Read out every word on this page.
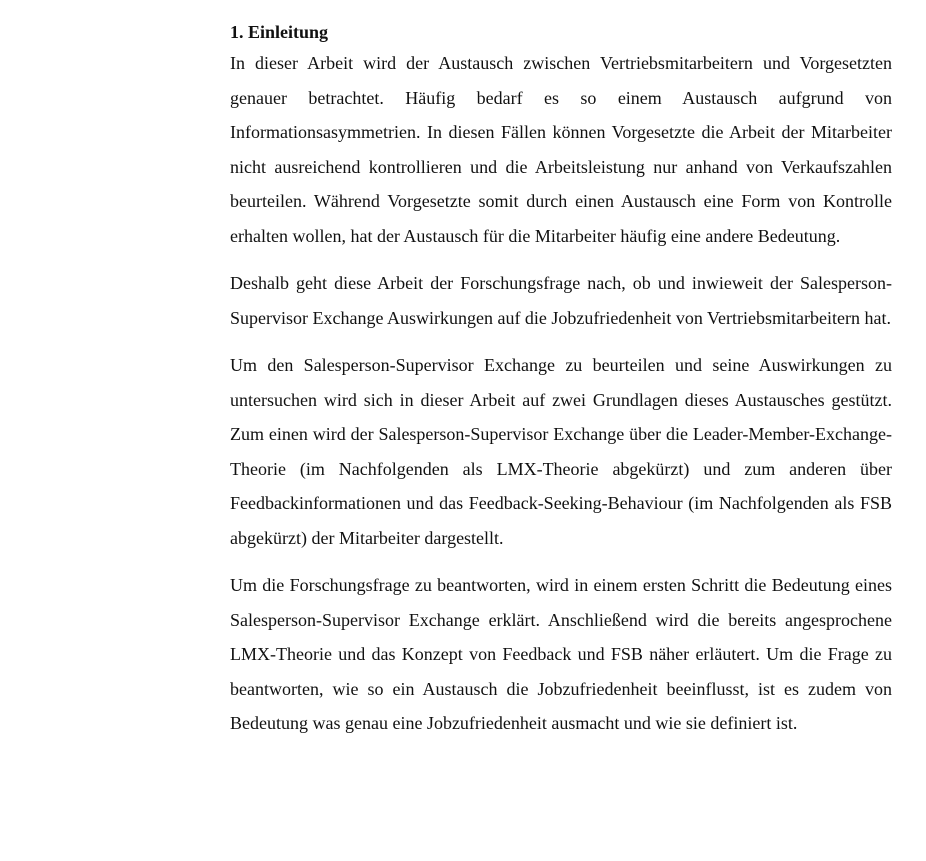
1. Einleitung

In dieser Arbeit wird der Austausch zwischen Vertriebsmitarbeitern und Vorgesetzten genauer betrachtet. Häufig bedarf es so einem Austausch aufgrund von Informationsasymmetrien. In diesen Fällen können Vorgesetzte die Arbeit der Mitarbeiter nicht ausreichend kontrollieren und die Arbeitsleistung nur anhand von Verkaufszahlen beurteilen. Während Vorgesetzte somit durch einen Austausch eine Form von Kontrolle erhalten wollen, hat der Austausch für die Mitarbeiter häufig eine andere Bedeutung.

Deshalb geht diese Arbeit der Forschungsfrage nach, ob und inwieweit der Salesperson-Supervisor Exchange Auswirkungen auf die Jobzufriedenheit von Vertriebsmitarbeitern hat.

Um den Salesperson-Supervisor Exchange zu beurteilen und seine Auswirkungen zu untersuchen wird sich in dieser Arbeit auf zwei Grundlagen dieses Austausches gestützt. Zum einen wird der Salesperson-Supervisor Exchange über die Leader-Member-Exchange-Theorie (im Nachfolgenden als LMX-Theorie abgekürzt) und zum anderen über Feedbackinformationen und das Feedback-Seeking-Behaviour (im Nachfolgenden als FSB abgekürzt) der Mitarbeiter dargestellt.

Um die Forschungsfrage zu beantworten, wird in einem ersten Schritt die Bedeutung eines Salesperson-Supervisor Exchange erklärt. Anschließend wird die bereits angesprochene LMX-Theorie und das Konzept von Feedback und FSB näher erläutert. Um die Frage zu beantworten, wie so ein Austausch die Jobzufriedenheit beeinflusst, ist es zudem von Bedeutung was genau eine Jobzufriedenheit ausmacht und wie sie definiert ist.
